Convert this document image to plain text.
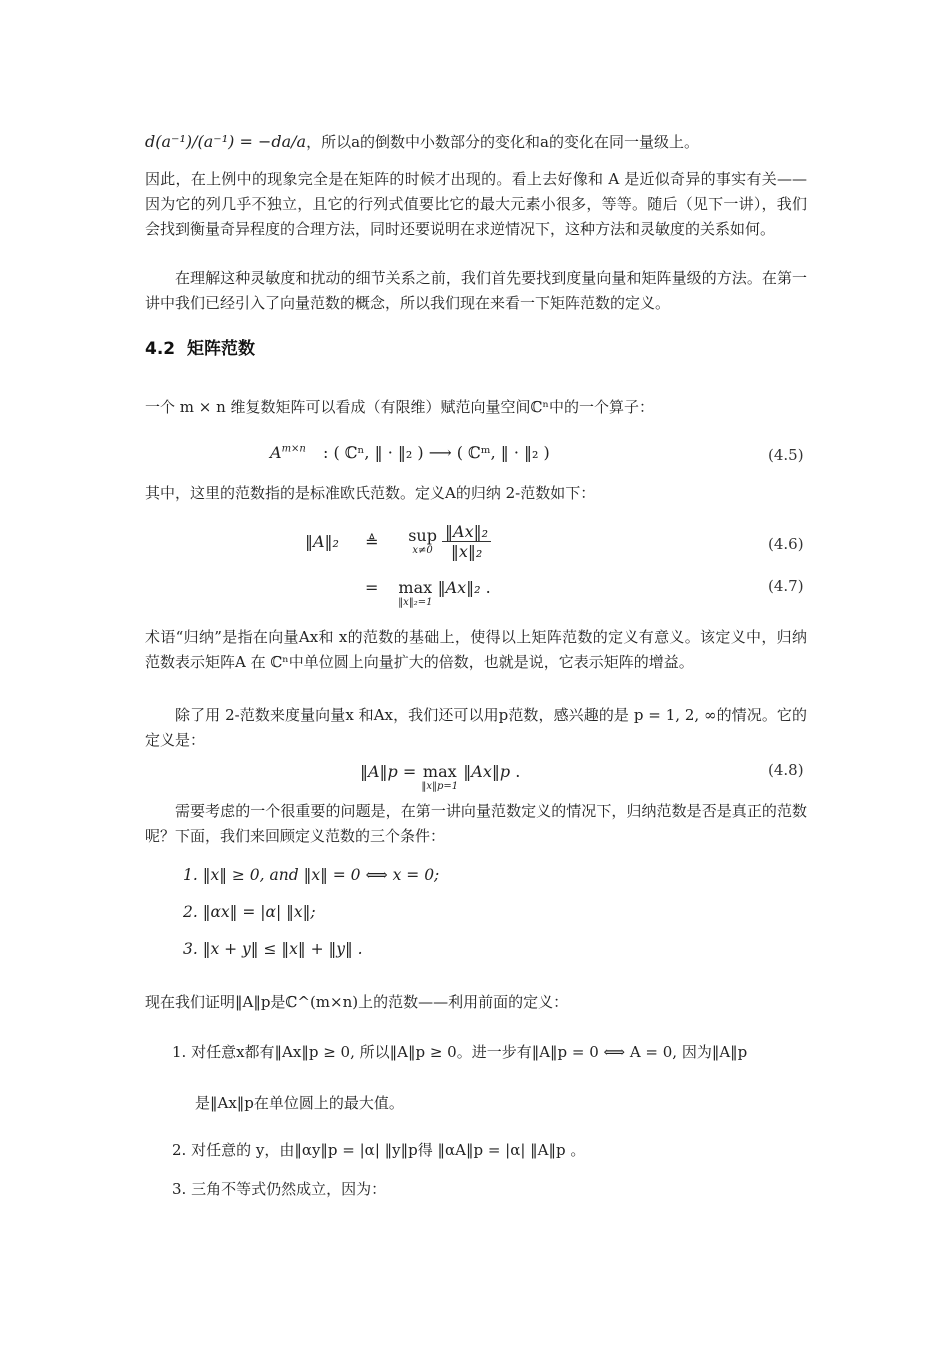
d(a⁻¹)/(a⁻¹) = −da/a，所以a的倒数中小数部分的变化和a的变化在同一量级上。
因此，在上例中的现象完全是在矩阵的时候才出现的。看上去好像和 A 是近似奇异的事实有关——因为它的列几乎不独立，且它的行列式值要比它的最大元素小很多，等等。随后（见下一讲），我们会找到衡量奇异程度的合理方法，同时还要说明在求逆情况下，这种方法和灵敏度的关系如何。
在理解这种灵敏度和扰动的细节关系之前，我们首先要找到度量向量和矩阵量级的方法。在第一讲中我们已经引入了向量范数的概念，所以我们现在来看一下矩阵范数的定义。
4.2 矩阵范数
一个 m × n 维复数矩阵可以看成（有限维）赋范向量空间ℂⁿ中的一个算子：
$A^{m\times n}$ : ( ℂⁿ, ‖ · ‖₂ ) ⟶ ( ℂᵐ, ‖ · ‖₂ )	(4.5)
其中，这里的范数指的是标准欧氏范数。定义A的归纳 2-范数如下：
‖A‖₂ ≜ sup
x≠0
$\frac{\text{‖Ax‖₂}}{\text{‖x‖₂}}$	(4.6)
= max
‖x‖₂=1
‖Ax‖₂ .	(4.7)
术语“归纳”是指在向量Ax和 x的范数的基础上，使得以上矩阵范数的定义有意义。该定义中，归纳范数表示矩阵A 在 ℂⁿ中单位圆上向量扩大的倍数，也就是说，它表示矩阵的增益。
除了用 2-范数来度量向量x 和Ax，我们还可以用p范数，感兴趣的是 p = 1, 2, ∞的情况。它的定义是：
‖A‖p = max
‖x‖p=1
‖Ax‖p .	(4.8)
需要考虑的一个很重要的问题是，在第一讲向量范数定义的情况下，归纳范数是否是真正的范数呢？下面，我们来回顾定义范数的三个条件：
1. ‖x‖ ≥ 0, and ‖x‖ = 0 ⟺ x = 0;
2. ‖αx‖ = |α| ‖x‖;
3. ‖x + y‖ ≤ ‖x‖ + ‖y‖ .
现在我们证明‖A‖p是ℂ^(m×n)上的范数——利用前面的定义：
1. 对任意x都有‖Ax‖p ≥ 0, 所以‖A‖p ≥ 0。进一步有‖A‖p = 0 ⟺ A = 0, 因为‖A‖p
是‖Ax‖p在单位圆上的最大值。
2. 对任意的 y，由‖αy‖p = |α| ‖y‖p得 ‖αA‖p = |α| ‖A‖p 。
3. 三角不等式仍然成立，因为：
